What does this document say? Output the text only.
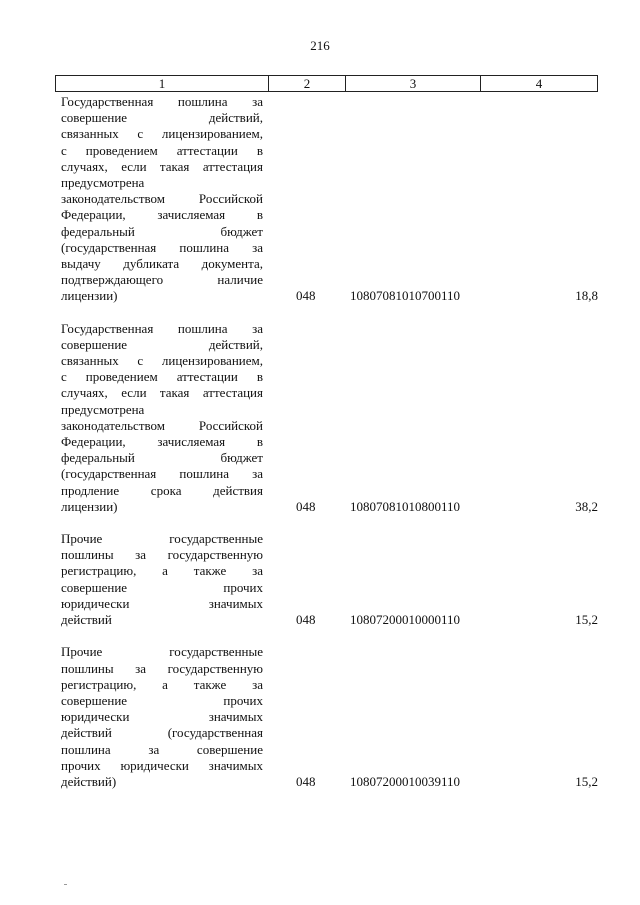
216
1	2	3	4
Государственная пошлина за
совершение действий,
связанных с лицензированием,
с проведением аттестации в
случаях, если такая аттестация
предусмотрена
законодательством Российской
Федерации, зачисляемая в
федеральный бюджет
(государственная пошлина за
выдачу дубликата документа,
подтверждающего наличие
лицензии)	048	10807081010700110	18,8
Государственная пошлина за
совершение действий,
связанных с лицензированием,
с проведением аттестации в
случаях, если такая аттестация
предусмотрена
законодательством Российской
Федерации, зачисляемая в
федеральный бюджет
(государственная пошлина за
продление срока действия
лицензии)	048	10807081010800110	38,2
Прочие государственные
пошлины за государственную
регистрацию, а также за
совершение прочих
юридически значимых
действий	048	10807200010000110	15,2
Прочие государственные
пошлины за государственную
регистрацию, а также за
совершение прочих
юридически значимых
действий (государственная
пошлина за совершение
прочих юридически значимых
действий)	048	10807200010039110	15,2
